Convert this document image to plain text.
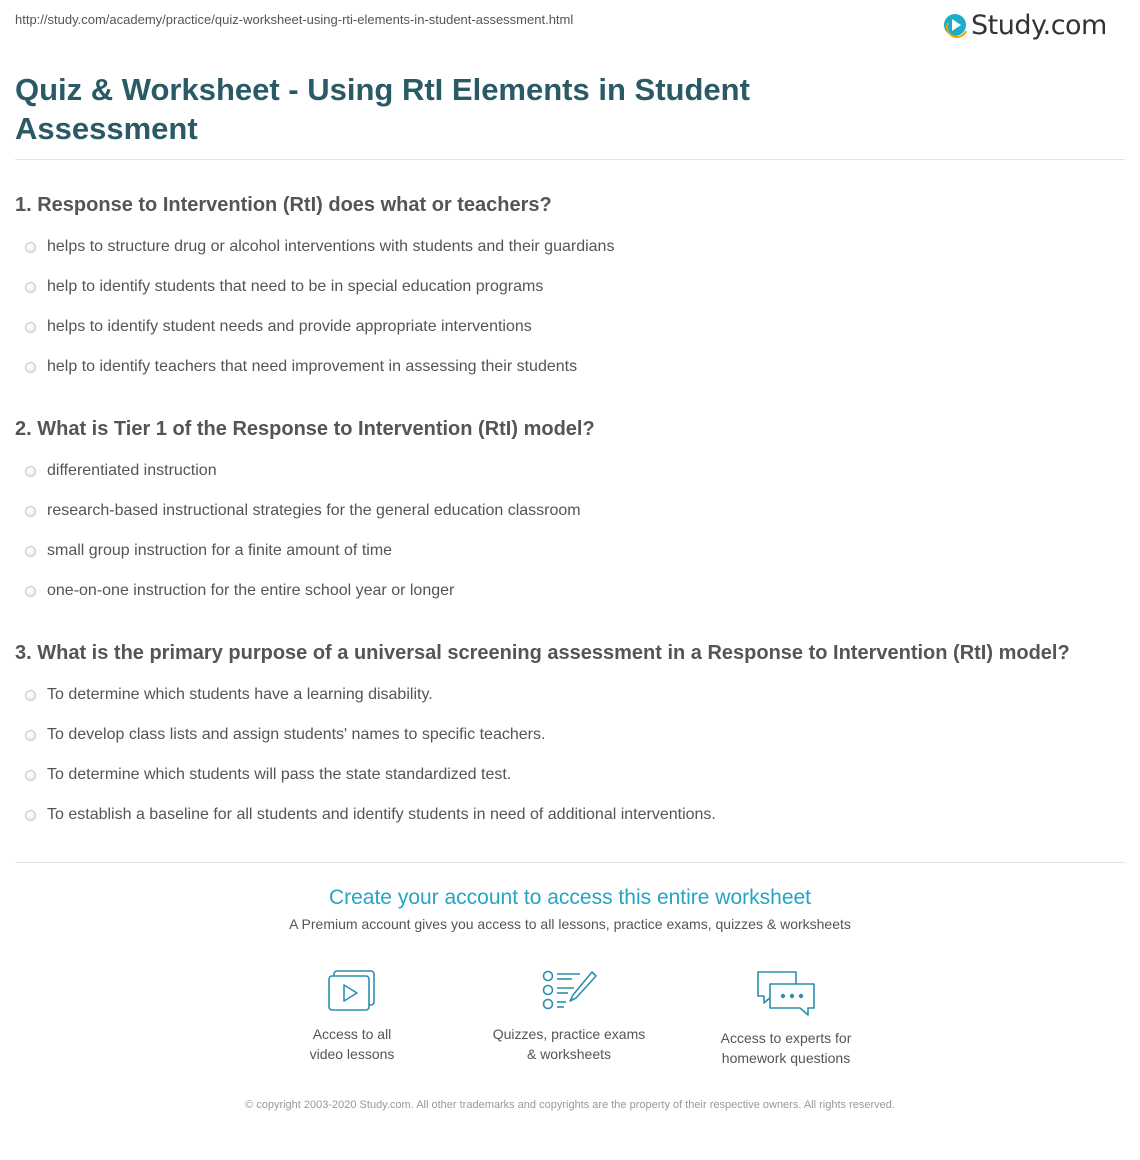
http://study.com/academy/practice/quiz-worksheet-using-rti-elements-in-student-assessment.html	Study.com
Quiz & Worksheet - Using RtI Elements in Student Assessment
1. Response to Intervention (RtI) does what or teachers?
helps to structure drug or alcohol interventions with students and their guardians
help to identify students that need to be in special education programs
helps to identify student needs and provide appropriate interventions
help to identify teachers that need improvement in assessing their students
2. What is Tier 1 of the Response to Intervention (RtI) model?
differentiated instruction
research-based instructional strategies for the general education classroom
small group instruction for a finite amount of time
one-on-one instruction for the entire school year or longer
3. What is the primary purpose of a universal screening assessment in a Response to Intervention (RtI) model?
To determine which students have a learning disability.
To develop class lists and assign students' names to specific teachers.
To determine which students will pass the state standardized test.
To establish a baseline for all students and identify students in need of additional interventions.
Create your account to access this entire worksheet
A Premium account gives you access to all lessons, practice exams, quizzes & worksheets
Access to all
video lessons
Quizzes, practice exams
& worksheets
Access to experts for
homework questions
© copyright 2003-2020 Study.com. All other trademarks and copyrights are the property of their respective owners. All rights reserved.
